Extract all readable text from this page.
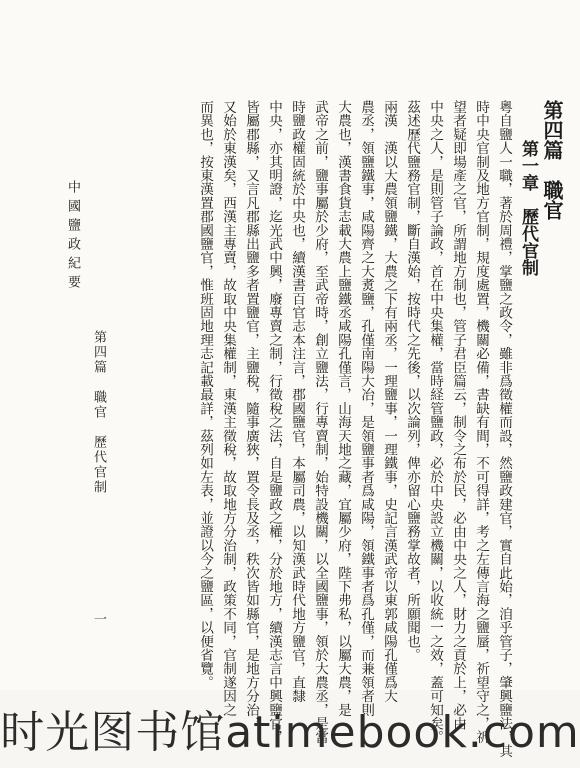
第四篇　職官
第一章　歷代官制
粵自鹽人一職，著於周禮，掌鹽之政令，雖非爲徵權而設，然鹽政建官，實自此始，洎乎管子，肇興鹽法，其
時中央官制及地方官制，規度處置，機關必備，書缺有間，不可得詳，考之左傳言海之鹽蜃，祈望守之，祈
望者疑即場產之官，所謂地方制也，管子君臣篇云，制令之布於民，必由中央之人，財力之貢於上，必由
中央之人，是則管子論政，首在中央集權，當時経管鹽政，必於中央設立機關，以收統一之效，蓋可知矣。
茲述歷代鹽務官制，斷自漢始，按時代之先後，以次論列，俾亦留心鹽務掌故者，所願聞也。
兩漢　漢以大農領鹽鐵，大農之下有兩丞，一理鹽事，一理鐵事，史記言漢武帝以東郭咸陽孔僅爲大
農丞，領鹽鐵事，咸陽齊之大煑鹽，孔僅南陽大冶，是領鹽事者爲咸陽，領鐵事者爲孔僅，而兼領者則
大農也，漢書食貨志載大農上鹽鐵丞咸陽孔僅言，山海天地之藏，宜屬少府，陛下弗私，以屬大農，是
武帝之前，鹽事屬於少府，至武帝時，創立鹽法，行專賣制，始特設機關，以全國鹽事，領於大農丞，是當
時鹽政權固統於中央也，續漢書百官志本注言，郡國鹽官，本屬司農，以知漢武時代地方鹽官，直隸
中央，亦其明證，迄光武中興，廢專賣之制，行徵稅之法，自是鹽政之權，分於地方，續漢志言中興鹽官，
皆屬郡縣，又言凡郡縣出鹽多者置鹽官，主鹽稅，隨事廣狹，置令長及丞，秩次皆如縣官，是地方分治，
又始於東漢矣，西漢主專賣，故取中央集權制，東漢主徵稅，故取地方分治制，政策不同，官制遂因之
而異也，按東漢置郡國鹽官，惟班固地理志記載最詳，茲列如左表，並證以今之鹽區，以便省覽。
中國鹽政紀要
第四篇　職官　歷代官制
一
时光图书馆atimebook.com
